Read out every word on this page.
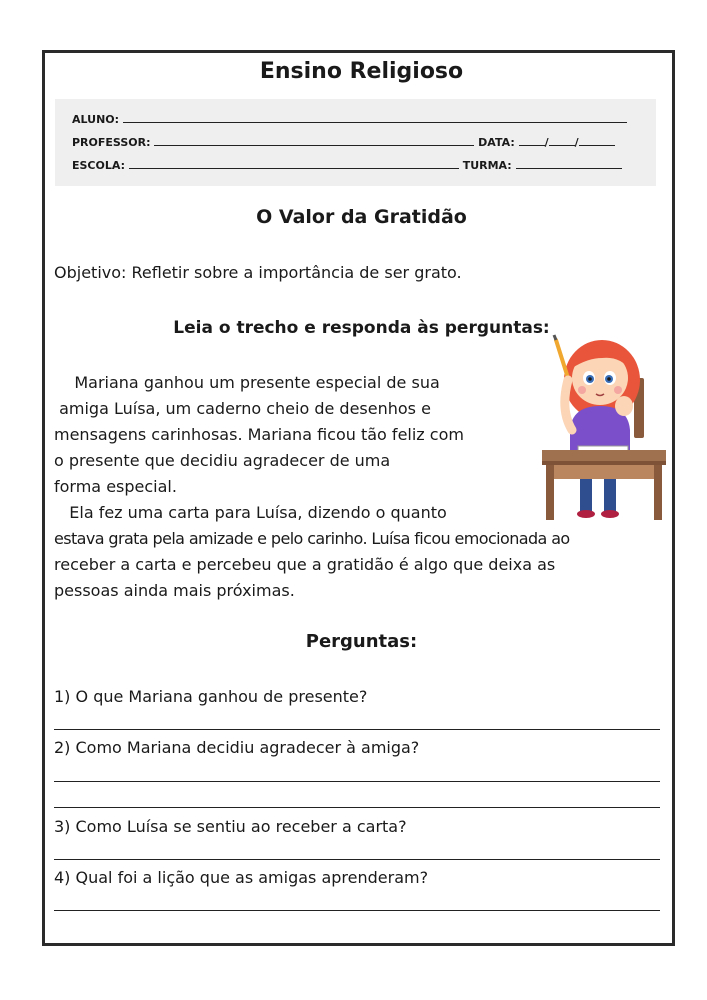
Ensino Religioso
ALUNO:
PROFESSOR:	DATA:	/ /
ESCOLA:	TURMA:
O Valor da Gratidão
Objetivo: Refletir sobre a importância de ser grato.
Leia o trecho e responda às perguntas:
Mariana ganhou um presente especial de sua
amiga Luísa, um caderno cheio de desenhos e
mensagens carinhosas. Mariana ficou tão feliz com
o presente que decidiu agradecer de uma
forma especial.
Ela fez uma carta para Luísa, dizendo o quanto
estava grata pela amizade e pelo carinho. Luísa ficou emocionada ao
receber a carta e percebeu que a gratidão é algo que deixa as
pessoas ainda mais próximas.
Perguntas:
1) O que Mariana ganhou de presente?
2) Como Mariana decidiu agradecer à amiga?
3) Como Luísa se sentiu ao receber a carta?
4) Qual foi a lição que as amigas aprenderam?
